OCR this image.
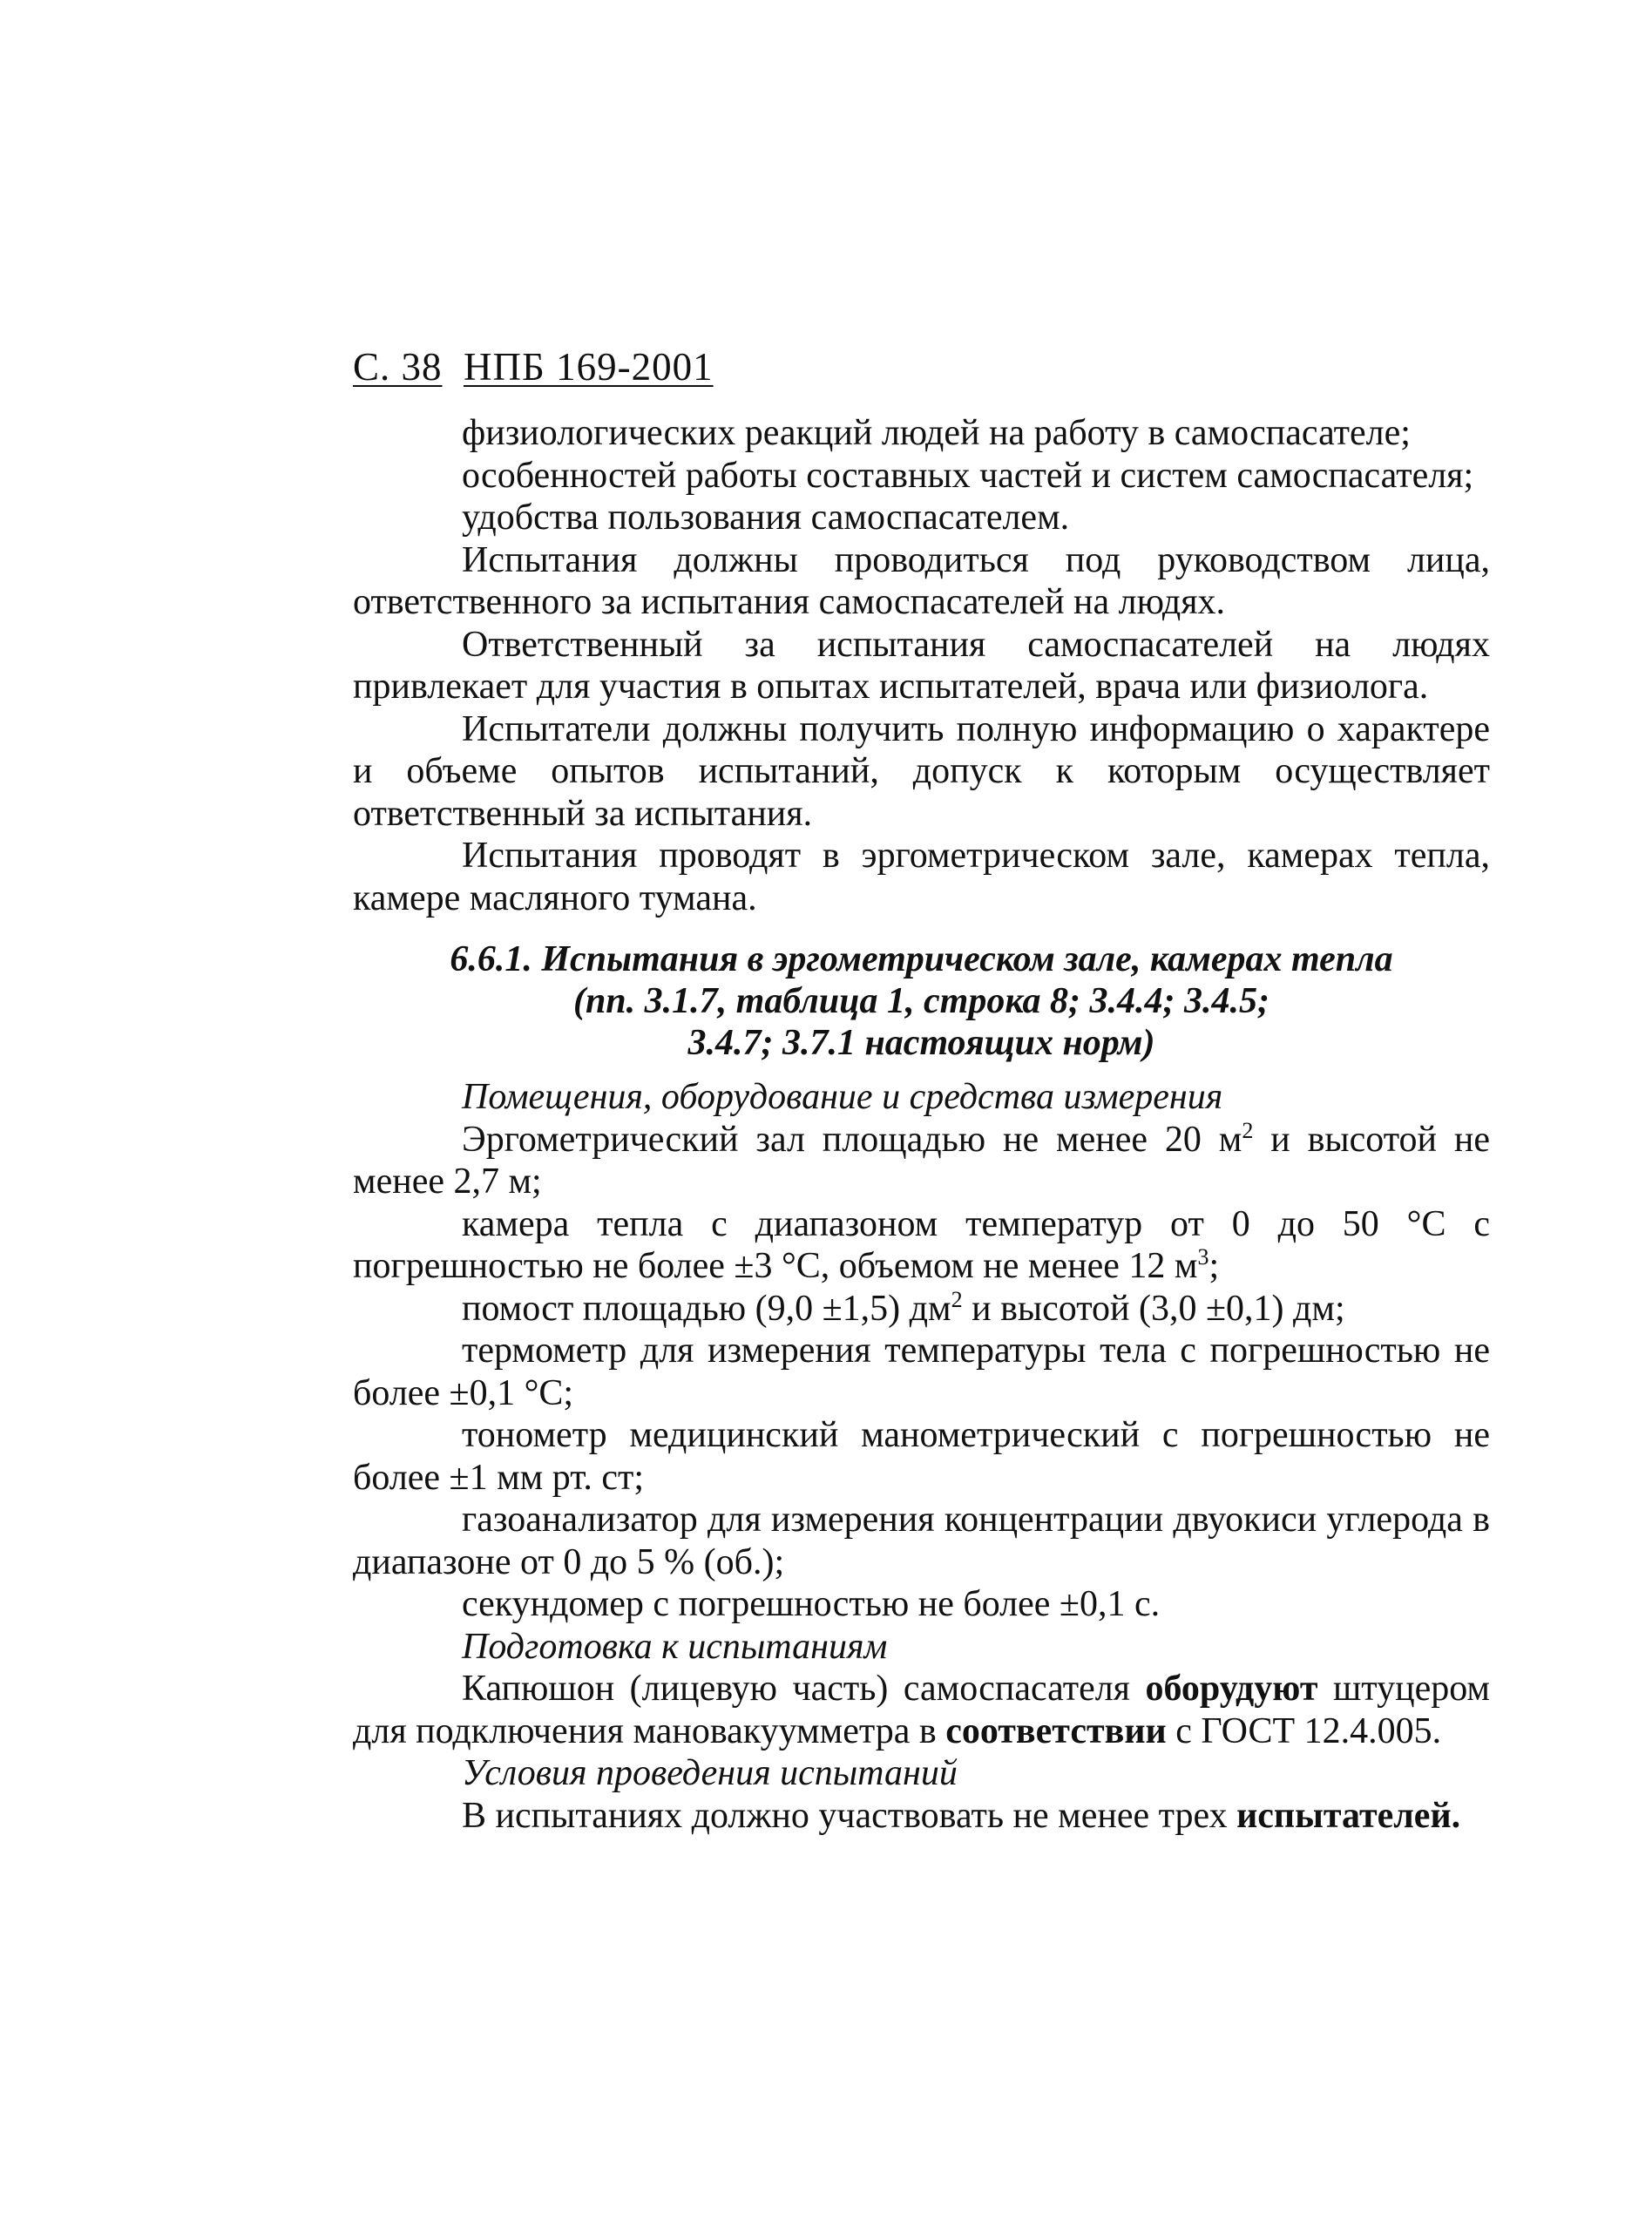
С. 38 НПБ 169-2001

физиологических реакций людей на работу в самоспасателе;

особенностей работы составных частей и систем самоспасателя;

удобства пользования самоспасателем.

Испытания должны проводиться под руководством лица, ответственного за испытания самоспасателей на людях.

Ответственный за испытания самоспасателей на людях привлекает для участия в опытах испытателей, врача или физиолога.

Испытатели должны получить полную информацию о характере и объеме опытов испытаний, допуск к которым осуществляет ответственный за испытания.

Испытания проводят в эргометрическом зале, камерах тепла, камере масляного тумана.

6.6.1. Испытания в эргометрическом зале, камерах тепла
(пп. 3.1.7, таблица 1, строка 8; 3.4.4; 3.4.5;
3.4.7; 3.7.1 настоящих норм)

Помещения, оборудование и средства измерения

Эргометрический зал площадью не менее 20 $м^2$ и высотой не менее 2,7 м;

камера тепла с диапазоном температур от 0 до 50 °С с погрешностью не более ±3 °С, объемом не менее 12 $м^3$;

помост площадью (9,0 ±1,5) $дм^2$ и высотой (3,0 ±0,1) дм;

термометр для измерения температуры тела с погрешностью не более ±0,1 °С;

тонометр медицинский манометрический с погрешностью не более ±1 мм рт. ст;

газоанализатор для измерения концентрации двуокиси углерода в диапазоне от 0 до 5 % (об.);

секундомер с погрешностью не более ±0,1 с.

Подготовка к испытаниям

Капюшон (лицевую часть) самоспасателя оборудуют штуцером для подключения мановакуумметра в соответствии с ГОСТ 12.4.005.

Условия проведения испытаний

В испытаниях должно участвовать не менее трех испытателей.
